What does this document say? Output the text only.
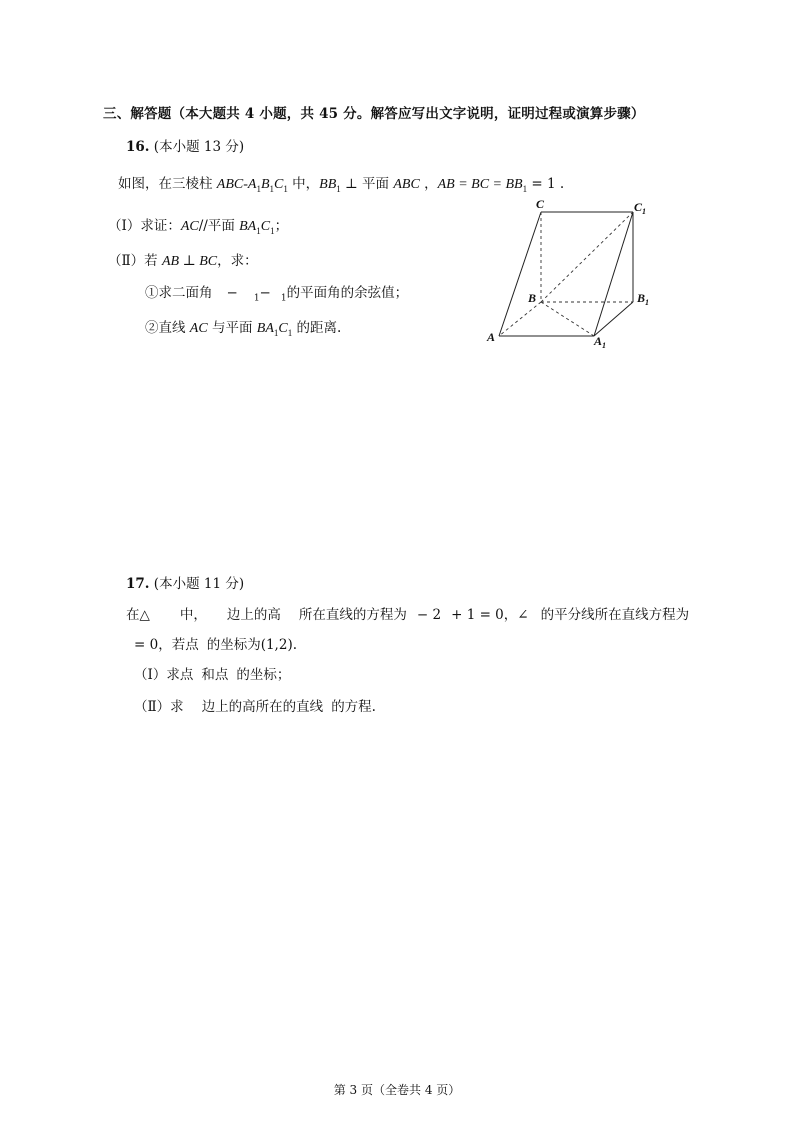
三、解答题（本大题共 4 小题，共 45 分。解答应写出文字说明，证明过程或演算步骤）
16. (本小题 13 分)
如图，在三棱柱 ABC-$A_1B_1C_1$ 中，$BB_1$ ⊥ 平面 ABC ，AB = BC = $BB_1 = 1$ .
（Ⅰ）求证：AC//平面 $BA_1C_1$；
（Ⅱ）若 AB ⊥ BC，求：
①求二面角 − $_1$− $_1$的平面角的余弦值；
②直线 AC 与平面 $BA_1C_1$ 的距离.
C	$C_1$
B	$B_1$
A	$A_1$
17. (本小题 11 分)
在△ 中， 边上的高 所在直线的方程为 − 2 + 1 = 0，∠ 的平分线所在直线方程为
= 0，若点 的坐标为(1,2).
（Ⅰ）求点 和点 的坐标；
（Ⅱ）求 边上的高所在的直线 的方程.
第 3 页（全卷共 4 页）
